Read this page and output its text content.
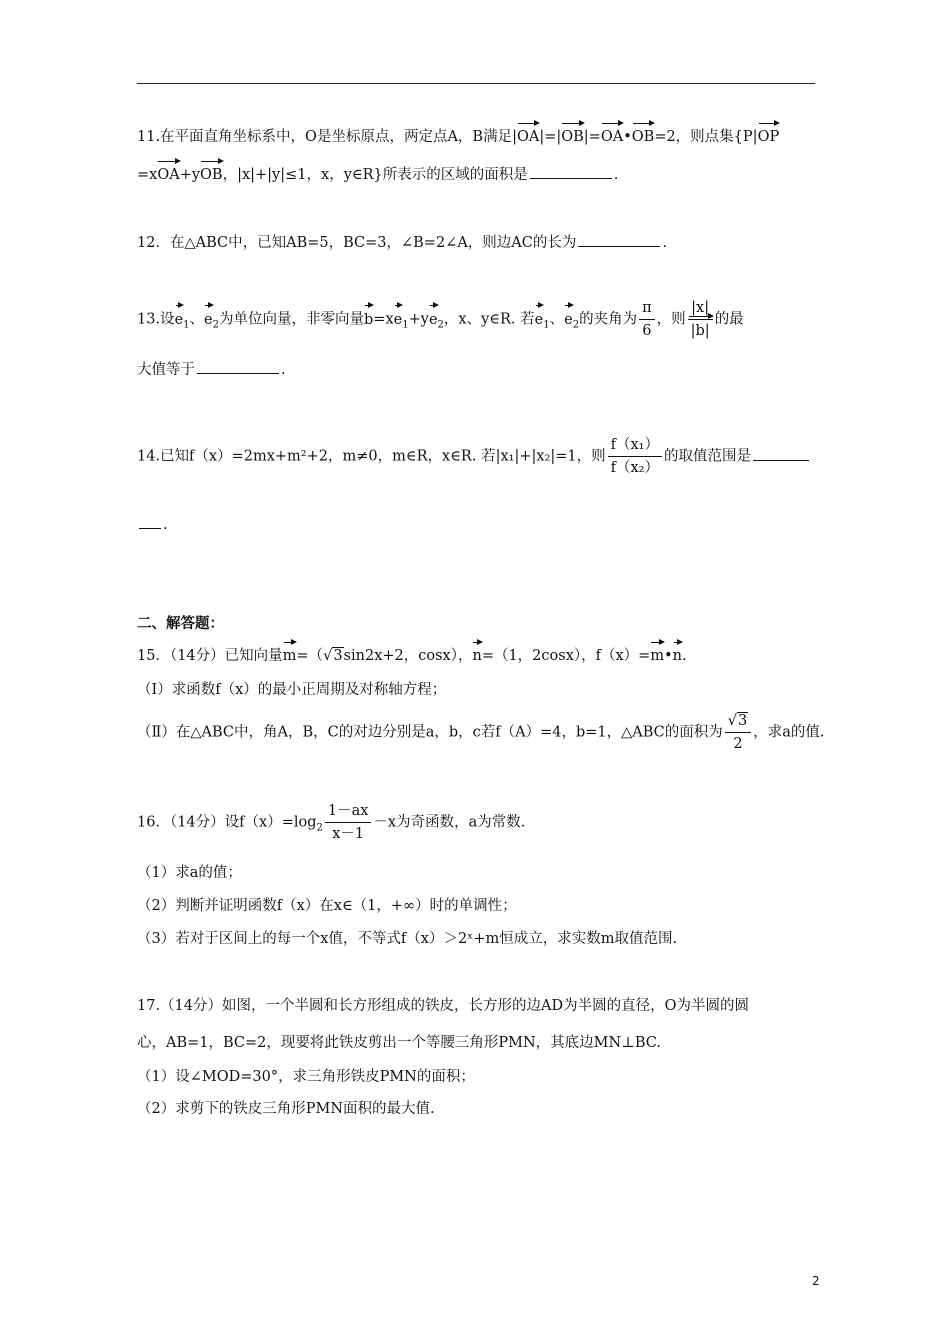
11.在平面直角坐标系中，O是坐标原点，两定点A，B满足|OA|=|OB|=OA•OB=2，则点集{P|OP
=xOA+yOB，|x|+|y|≤1，x，y∈R}所表示的区域的面积是	.
12．在△ABC中，已知AB=5，BC=3，∠B=2∠A，则边AC的长为	.
13.设$e_1$、$e_2$为单位向量，非零向量$b=xe_1+ye_2$，x、y∈R. 若$e_1$、$e_2$的夹角为 $\frac{\pi}{6}$ ，则 $\frac{|x|}{|b|}$ 的最
大值等于	.
14.已知f（x）=2mx+m²+2，m≠0，m∈R，x∈R. 若|x₁|+|x₂|=1，则 $\frac{\text{f（x₁）}}{\text{f（x₂）}}$ 的取值范围是
.
二、解答题：
15．（14分）已知向量m=（√3sin2x+2，cosx），n=（1，2cosx），f（x）=m•n.
（Ⅰ）求函数f（x）的最小正周期及对称轴方程；
（Ⅱ）在△ABC中，角A，B，C的对边分别是a，b，c若f（A）=4，b=1，△ABC的面积为 $\frac{√3}{2}$ ，求a的值.
16．（14分）设$f(x)=\log_2 \frac{1-ax}{x-1} -x$为奇函数，a为常数.
（1）求a的值；
（2）判断并证明函数f（x）在x∈（1，+∞）时的单调性；
（3）若对于区间上的每一个x值，不等式f（x）＞2ˣ+m恒成立，求实数m取值范围.
17.（14分）如图，一个半圆和长方形组成的铁皮，长方形的边AD为半圆的直径，O为半圆的圆
心，AB=1，BC=2，现要将此铁皮剪出一个等腰三角形PMN，其底边MN⊥BC.
（1）设∠MOD=30°，求三角形铁皮PMN的面积；
（2）求剪下的铁皮三角形PMN面积的最大值.
2
